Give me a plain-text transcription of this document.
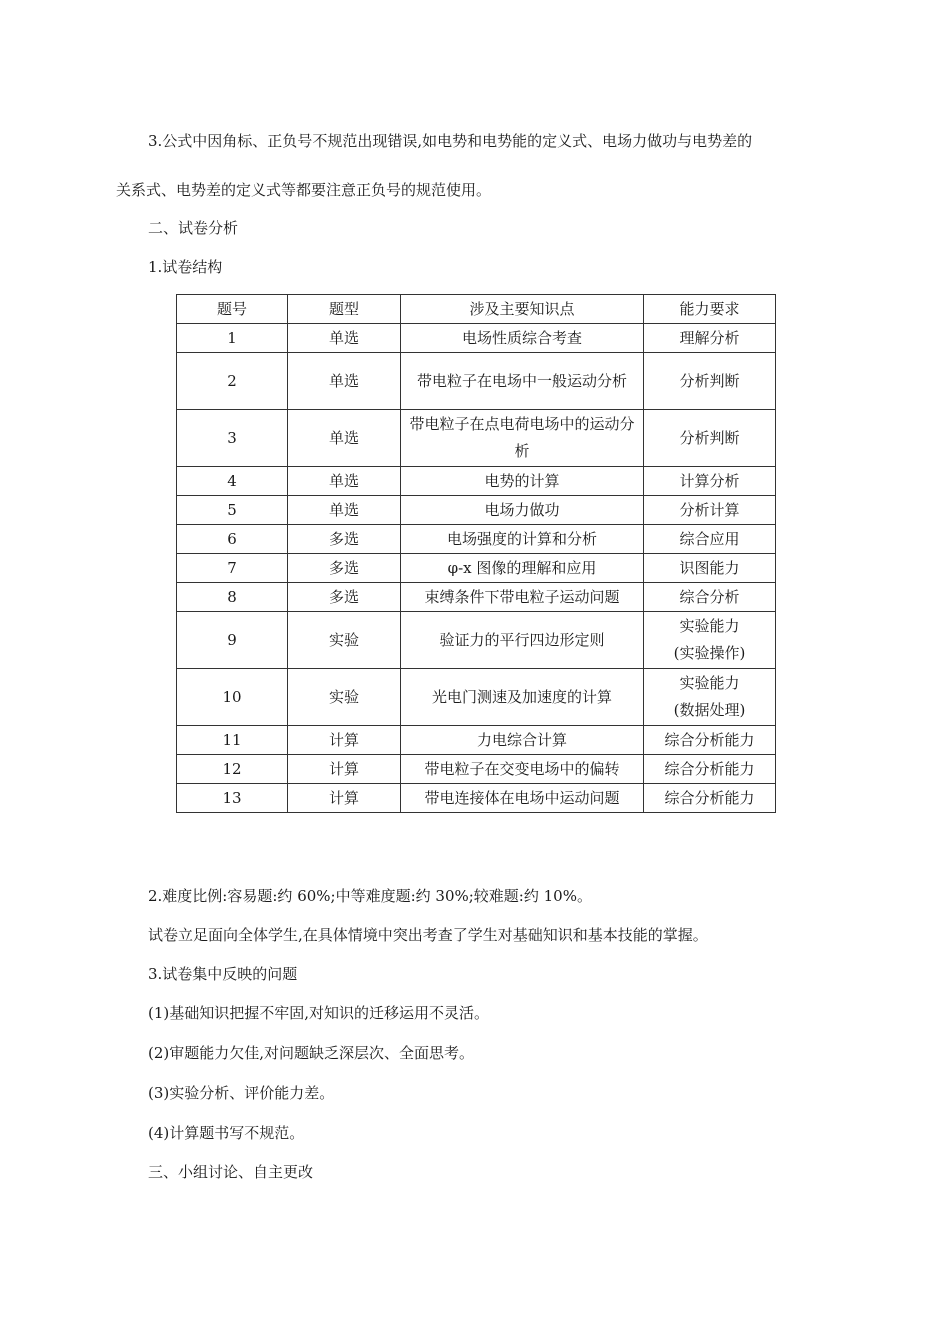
3.公式中因角标、正负号不规范出现错误,如电势和电势能的定义式、电场力做功与电势差的
关系式、电势差的定义式等都要注意正负号的规范使用。
二、试卷分析
1.试卷结构
题号	题型	涉及主要知识点	能力要求
1	单选	电场性质综合考查	理解分析
2	单选	带电粒子在电场中一般运动分析	分析判断
3	单选	带电粒子在点电荷电场中的运动分析	分析判断
4	单选	电势的计算	计算分析
5	单选	电场力做功	分析计算
6	多选	电场强度的计算和分析	综合应用
7	多选	φ-x 图像的理解和应用	识图能力
8	多选	束缚条件下带电粒子运动问题	综合分析
9	实验	验证力的平行四边形定则	实验能力
(实验操作)

10	实验	光电门测速及加速度的计算	实验能力
(数据处理)

11	计算	力电综合计算	综合分析能力
12	计算	带电粒子在交变电场中的偏转	综合分析能力
13	计算	带电连接体在电场中运动问题	综合分析能力
2.难度比例:容易题:约 60%;中等难度题:约 30%;较难题:约 10%。
试卷立足面向全体学生,在具体情境中突出考查了学生对基础知识和基本技能的掌握。
3.试卷集中反映的问题
(1)基础知识把握不牢固,对知识的迁移运用不灵活。
(2)审题能力欠佳,对问题缺乏深层次、全面思考。
(3)实验分析、评价能力差。
(4)计算题书写不规范。
三、小组讨论、自主更改
